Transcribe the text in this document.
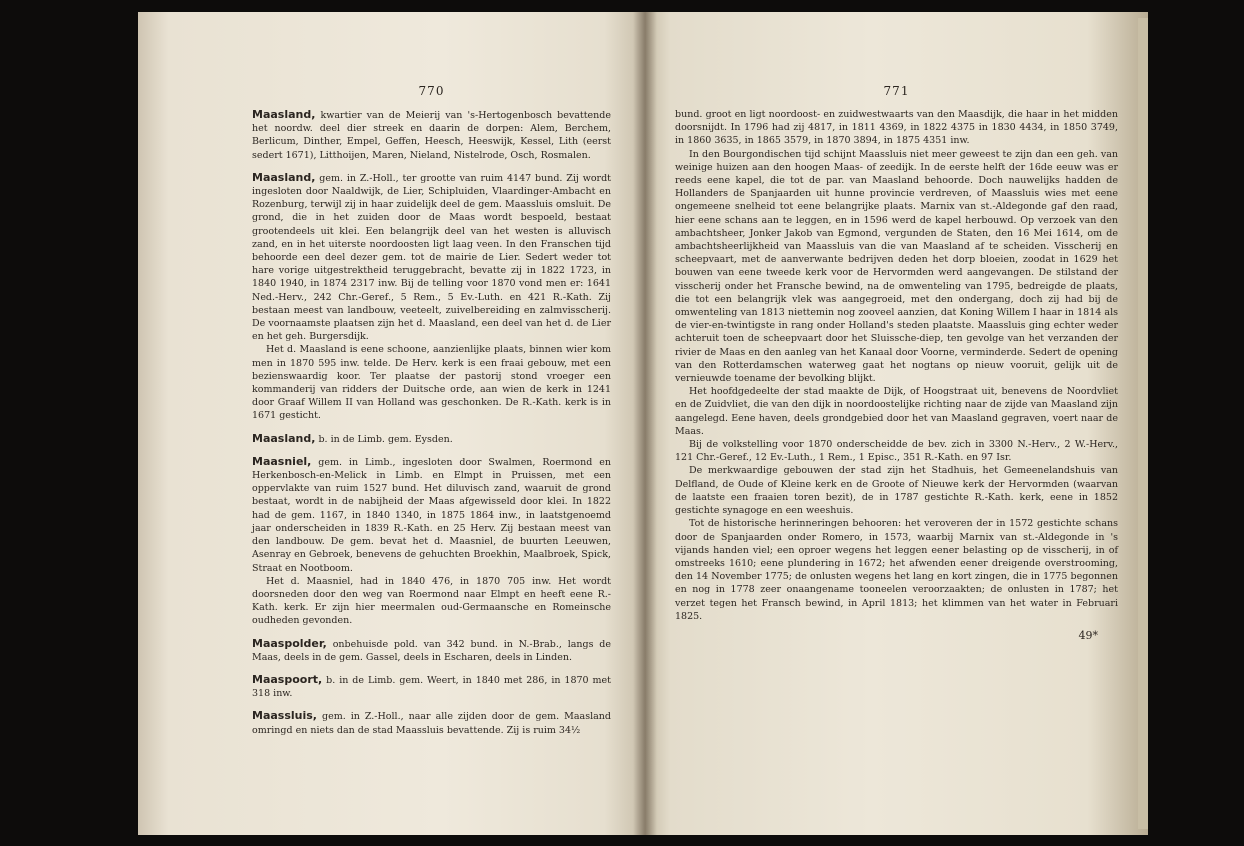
770

Maasland, kwartier van de Meierij van 's-Hertogenbosch bevattende het noordw. deel dier streek en daarin de dorpen: Alem, Berchem, Berlicum, Dinther, Empel, Geffen, Heesch, Heeswijk, Kessel, Lith (eerst sedert 1671), Litthoijen, Maren, Nieland, Nistelrode, Osch, Rosmalen.

Maasland, gem. in Z.-Holl., ter grootte van ruim 4147 bund. Zij wordt ingesloten door Naaldwijk, de Lier, Schipluiden, Vlaardinger-Ambacht en Rozenburg, terwijl zij in haar zuidelijk deel de gem. Maassluis omsluit. De grond, die in het zuiden door de Maas wordt bespoeld, bestaat grootendeels uit klei. Een belangrijk deel van het westen is alluvisch zand, en in het uiterste noordoosten ligt laag veen. In den Franschen tijd behoorde een deel dezer gem. tot de mairie de Lier. Sedert weder tot hare vorige uitgestrektheid teruggebracht, bevatte zij in 1822 1723, in 1840 1940, in 1874 2317 inw. Bij de telling voor 1870 vond men er: 1641 Ned.-Herv., 242 Chr.-Geref., 5 Rem., 5 Ev.-Luth. en 421 R.-Kath. Zij bestaan meest van landbouw, veeteelt, zuivelbereiding en zalmvisscherij. De voornaamste plaatsen zijn het d. Maasland, een deel van het d. de Lier en het geh. Burgersdijk.

Het d. Maasland is eene schoone, aanzienlijke plaats, binnen wier kom men in 1870 595 inw. telde. De Herv. kerk is een fraai gebouw, met een bezienswaardig koor. Ter plaatse der pastorij stond vroeger een kommanderij van ridders der Duitsche orde, aan wien de kerk in 1241 door Graaf Willem II van Holland was geschonken. De R.-Kath. kerk is in 1671 gesticht.

Maasland, b. in de Limb. gem. Eysden.

Maasniel, gem. in Limb., ingesloten door Swalmen, Roermond en Herkenbosch-en-Melick in Limb. en Elmpt in Pruissen, met een oppervlakte van ruim 1527 bund. Het diluvisch zand, waaruit de grond bestaat, wordt in de nabijheid der Maas afgewisseld door klei. In 1822 had de gem. 1167, in 1840 1340, in 1875 1864 inw., in laatstgenoemd jaar onderscheiden in 1839 R.-Kath. en 25 Herv. Zij bestaan meest van den landbouw. De gem. bevat het d. Maasniel, de buurten Leeuwen, Asenray en Gebroek, benevens de gehuchten Broekhin, Maalbroek, Spick, Straat en Nootboom.

Het d. Maasniel, had in 1840 476, in 1870 705 inw. Het wordt doorsneden door den weg van Roermond naar Elmpt en heeft eene R.-Kath. kerk. Er zijn hier meermalen oud-Germaansche en Romeinsche oudheden gevonden.

Maaspolder, onbehuisde pold. van 342 bund. in N.-Brab., langs de Maas, deels in de gem. Gassel, deels in Escharen, deels in Linden.

Maaspoort, b. in de Limb. gem. Weert, in 1840 met 286, in 1870 met 318 inw.

Maassluis, gem. in Z.-Holl., naar alle zijden door de gem. Maasland omringd en niets dan de stad Maassluis bevattende. Zij is ruim 34½

771

bund. groot en ligt noordoost- en zuidwestwaarts van den Maasdijk, die haar in het midden doorsnijdt. In 1796 had zij 4817, in 1811 4369, in 1822 4375 in 1830 4434, in 1850 3749, in 1860 3635, in 1865 3579, in 1870 3894, in 1875 4351 inw.

In den Bourgondischen tijd schijnt Maassluis niet meer geweest te zijn dan een geh. van weinige huizen aan den hoogen Maas- of zeedijk. In de eerste helft der 16de eeuw was er reeds eene kapel, die tot de par. van Maasland behoorde. Doch nauwelijks hadden de Hollanders de Spanjaarden uit hunne provincie verdreven, of Maassluis wies met eene ongemeene snelheid tot eene belangrijke plaats. Marnix van st.-Aldegonde gaf den raad, hier eene schans aan te leggen, en in 1596 werd de kapel herbouwd. Op verzoek van den ambachtsheer, Jonker Jakob van Egmond, vergunden de Staten, den 16 Mei 1614, om de ambachtsheerlijkheid van Maassluis van die van Maasland af te scheiden. Visscherij en scheepvaart, met de aanverwante bedrijven deden het dorp bloeien, zoodat in 1629 het bouwen van eene tweede kerk voor de Hervormden werd aangevangen. De stilstand der visscherij onder het Fransche bewind, na de omwenteling van 1795, bedreigde de plaats, die tot een belangrijk vlek was aangegroeid, met den ondergang, doch zij had bij de omwenteling van 1813 niettemin nog zooveel aanzien, dat Koning Willem I haar in 1814 als de vier-en-twintigste in rang onder Holland's steden plaatste. Maassluis ging echter weder achteruit toen de scheepvaart door het Sluissche-diep, ten gevolge van het verzanden der rivier de Maas en den aanleg van het Kanaal door Voorne, verminderde. Sedert de opening van den Rotterdamschen waterweg gaat het nogtans op nieuw vooruit, gelijk uit de vernieuwde toename der bevolking blijkt.

Het hoofdgedeelte der stad maakte de Dijk, of Hoogstraat uit, benevens de Noordvliet en de Zuidvliet, die van den dijk in noordoostelijke richting naar de zijde van Maasland zijn aangelegd. Eene haven, deels grondgebied door het van Maasland gegraven, voert naar de Maas.

Bij de volkstelling voor 1870 onderscheidde de bev. zich in 3300 N.-Herv., 2 W.-Herv., 121 Chr.-Geref., 12 Ev.-Luth., 1 Rem., 1 Episc., 351 R.-Kath. en 97 Isr.

De merkwaardige gebouwen der stad zijn het Stadhuis, het Gemeenelandshuis van Delfland, de Oude of Kleine kerk en de Groote of Nieuwe kerk der Hervormden (waarvan de laatste een fraaien toren bezit), de in 1787 gestichte R.-Kath. kerk, eene in 1852 gestichte synagoge en een weeshuis.

Tot de historische herinneringen behooren: het veroveren der in 1572 gestichte schans door de Spanjaarden onder Romero, in 1573, waarbij Marnix van st.-Aldegonde in 's vijands handen viel; een oproer wegens het leggen eener belasting op de visscherij, in of omstreeks 1610; eene plundering in 1672; het afwenden eener dreigende overstrooming, den 14 November 1775; de onlusten wegens het lang en kort zingen, die in 1775 begonnen en nog in 1778 zeer onaangename tooneelen veroorzaakten; de onlusten in 1787; het verzet tegen het Fransch bewind, in April 1813; het klimmen van het water in Februari 1825.

49*
